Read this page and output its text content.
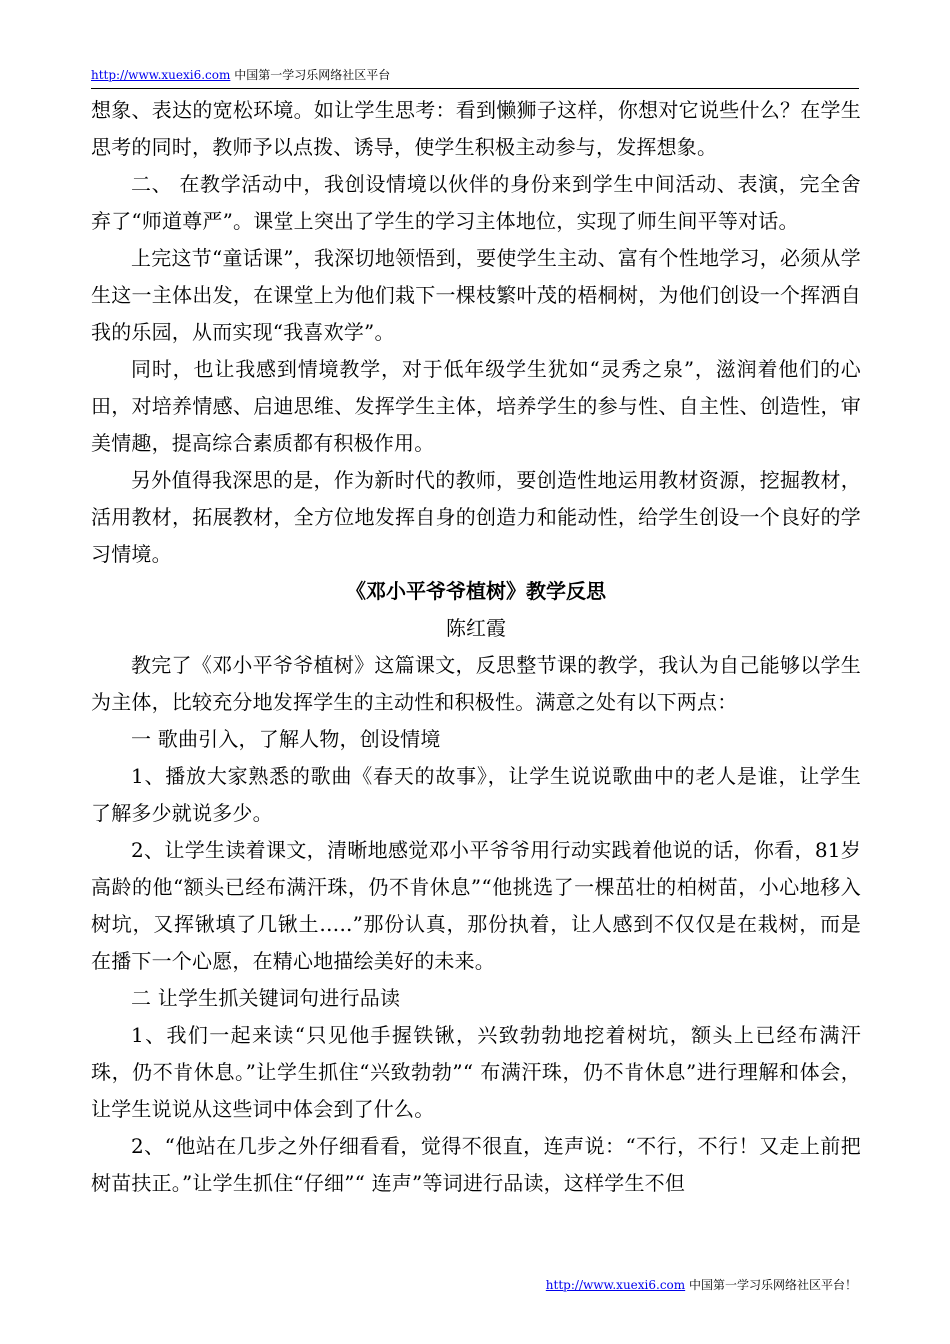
http://www.xuexi6.com 中国第一学习乐网络社区平台

想象、表达的宽松环境。如让学生思考：看到懒狮子这样，你想对它说些什么？在学生思考的同时，教师予以点拨、诱导，使学生积极主动参与，发挥想象。

二、 在教学活动中，我创设情境以伙伴的身份来到学生中间活动、表演，完全舍弃了“师道尊严”。课堂上突出了学生的学习主体地位，实现了师生间平等对话。

上完这节“童话课”，我深切地领悟到，要使学生主动、富有个性地学习，必须从学生这一主体出发，在课堂上为他们栽下一棵枝繁叶茂的梧桐树，为他们创设一个挥洒自我的乐园，从而实现“我喜欢学”。

同时，也让我感到情境教学，对于低年级学生犹如“灵秀之泉”，滋润着他们的心田，对培养情感、启迪思维、发挥学生主体，培养学生的参与性、自主性、创造性，审美情趣，提高综合素质都有积极作用。

另外值得我深思的是，作为新时代的教师，要创造性地运用教材资源，挖掘教材，活用教材，拓展教材，全方位地发挥自身的创造力和能动性，给学生创设一个良好的学习情境。

《邓小平爷爷植树》教学反思

陈红霞

教完了《邓小平爷爷植树》这篇课文，反思整节课的教学，我认为自己能够以学生为主体，比较充分地发挥学生的主动性和积极性。满意之处有以下两点：

一 歌曲引入，了解人物，创设情境

1、播放大家熟悉的歌曲《春天的故事》，让学生说说歌曲中的老人是谁，让学生了解多少就说多少。

2、让学生读着课文，清晰地感觉邓小平爷爷用行动实践着他说的话，你看，81岁高龄的他“额头已经布满汗珠，仍不肯休息”“他挑选了一棵茁壮的柏树苗，小心地移入树坑，又挥锹填了几锹土…..”那份认真，那份执着，让人感到不仅仅是在栽树，而是在播下一个心愿，在精心地描绘美好的未来。

二 让学生抓关键词句进行品读

1、我们一起来读“只见他手握铁锹，兴致勃勃地挖着树坑，额头上已经布满汗珠，仍不肯休息。”让学生抓住“兴致勃勃”“ 布满汗珠，仍不肯休息”进行理解和体会，让学生说说从这些词中体会到了什么。

2、“他站在几步之外仔细看看，觉得不很直，连声说：“不行，不行！又走上前把树苗扶正。”让学生抓住“仔细”“ 连声”等词进行品读，这样学生不但

http://www.xuexi6.com 中国第一学习乐网络社区平台！
